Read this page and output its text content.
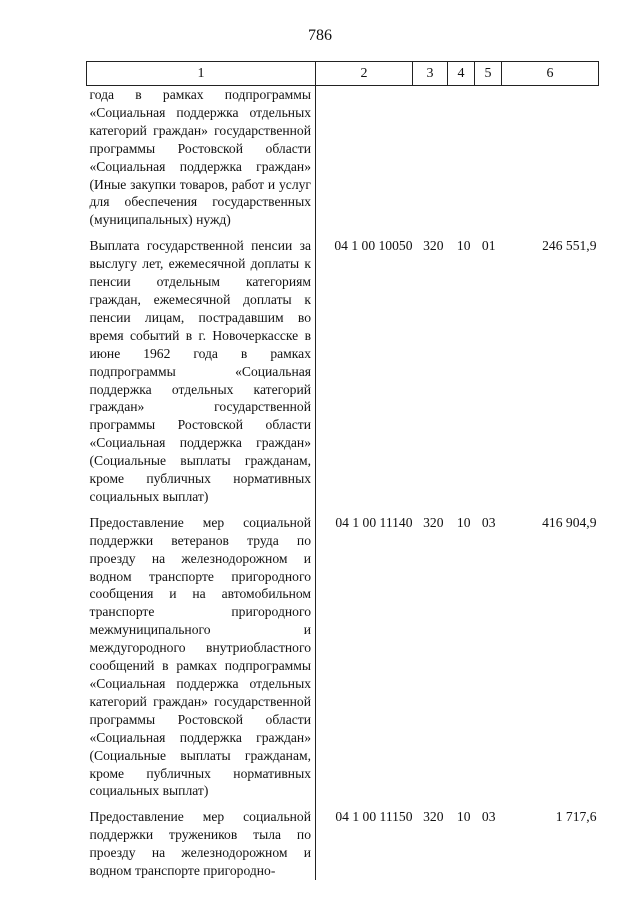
786
1	2	3	4	5	6
года в рамках подпрограммы «Социальная поддержка отдельных категорий граждан» государственной программы Ростовской области «Социальная поддержка граждан» (Иные закупки товаров, работ и услуг для обеспечения государственных (муниципальных) нужд)					

Выплата государственной пенсии за выслугу лет, ежемесячной доплаты к пенсии отдельным категориям граждан, ежемесячной доплаты к пенсии лицам, пострадавшим во время событий в г. Новочеркасске в июне 1962 года в рамках подпрограммы «Социальная поддержка отдельных категорий граждан» государственной программы Ростовской области «Социальная поддержка граждан» (Социальные выплаты гражданам, кроме публичных нормативных социальных выплат)	04 1 00 10050	320	10	01	246 551,9

Предоставление мер социальной поддержки ветеранов труда по проезду на железнодорожном и водном транспорте пригородного сообщения и на автомобильном транспорте пригородного межмуниципального и междугородного внутриобластного сообщений в рамках подпрограммы «Социальная поддержка отдельных категорий граждан» государственной программы Ростовской области «Социальная поддержка граждан» (Социальные выплаты гражданам, кроме публичных нормативных социальных выплат)	04 1 00 11140	320	10	03	416 904,9

Предоставление мер социальной поддержки тружеников тыла по проезду на железнодорожном и водном транспорте пригородно-	04 1 00 11150	320	10	03	1 717,6
